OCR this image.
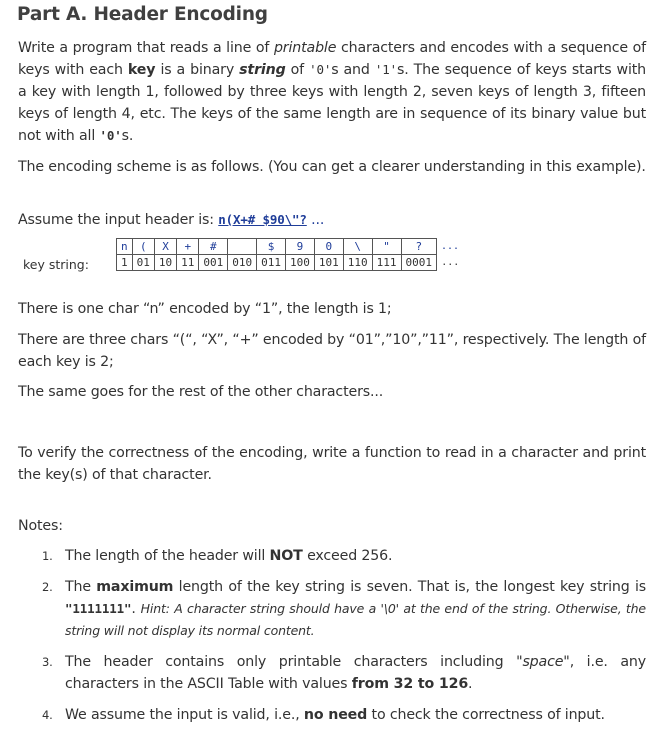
Part A. Header Encoding

Write a program that reads a line of printable characters and encodes with a sequence of keys with each key is a binary string of '0's and '1's. The sequence of keys starts with a key with length 1, followed by three keys with length 2, seven keys of length 3, fifteen keys of length 4, etc. The keys of the same length are in sequence of its binary value but not with all '0's.

The encoding scheme is as follows. (You can get a clearer understanding in this example).

Assume the input header is: n(X+# $90\"? ...

key string:
n	(	X	+	#		$	9	0	\	"	?	...
1	01	10	11	001	010	011	100	101	110	111	0001	...

There is one char “n” encoded by “1”, the length is 1;

There are three chars “(“, “X”, “+” encoded by “01”,”10”,”11”, respectively. The length of each key is 2;

The same goes for the rest of the other characters...

To verify the correctness of the encoding, write a function to read in a character and print the key(s) of that character.

Notes:

1. The length of the header will NOT exceed 256.
2. The maximum length of the key string is seven. That is, the longest key string is "1111111". Hint: A character string should have a '\0' at the end of the string. Otherwise, the string will not display its normal content.
3. The header contains only printable characters including "space", i.e. any characters in the ASCII Table with values from 32 to 126.
4. We assume the input is valid, i.e., no need to check the correctness of input.
